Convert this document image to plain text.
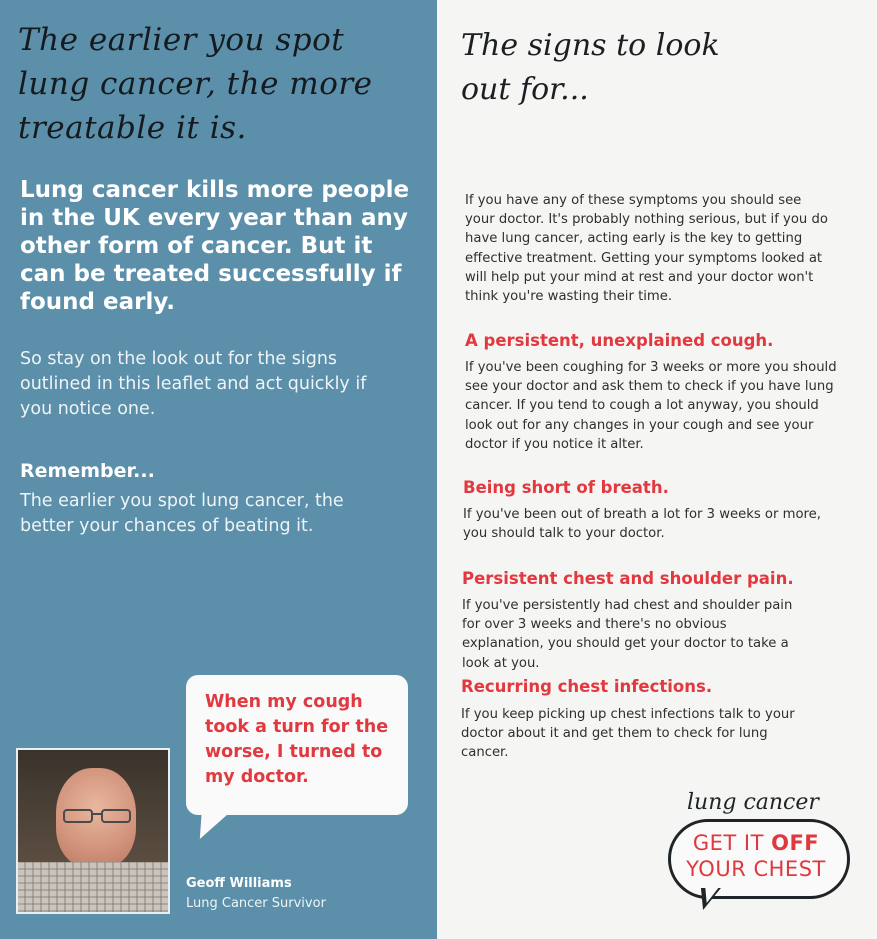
The earlier you spot lung cancer, the more treatable it is.
Lung cancer kills more people in the UK every year than any other form of cancer. But it can be treated successfully if found early.
So stay on the look out for the signs outlined in this leaflet and act quickly if you notice one.
Remember...
The earlier you spot lung cancer, the better your chances of beating it.
When my cough took a turn for the worse, I turned to my doctor.
Geoff Williams
Lung Cancer Survivor
The signs to look out for...
If you have any of these symptoms you should see your doctor. It's probably nothing serious, but if you do have lung cancer, acting early is the key to getting effective treatment. Getting your symptoms looked at will help put your mind at rest and your doctor won't think you're wasting their time.
A persistent, unexplained cough.
If you've been coughing for 3 weeks or more you should see your doctor and ask them to check if you have lung cancer. If you tend to cough a lot anyway, you should look out for any changes in your cough and see your doctor if you notice it alter.
Being short of breath.
If you've been out of breath a lot for 3 weeks or more, you should talk to your doctor.
Persistent chest and shoulder pain.
If you've persistently had chest and shoulder pain for over 3 weeks and there's no obvious explanation, you should get your doctor to take a look at you.
Recurring chest infections.
If you keep picking up chest infections talk to your doctor about it and get them to check for lung cancer.
lung cancer
GET IT OFF
YOUR CHEST
